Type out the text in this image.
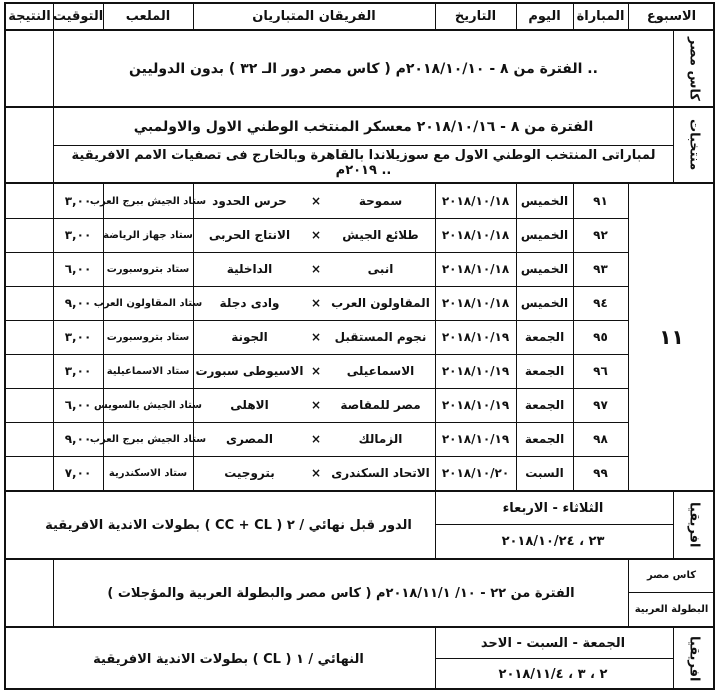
الاسبوع
المباراة
اليوم
التاريخ
الفريقان المتباريان
الملعب
التوقيت
النتيجة
كاس مصر
الفترة من ٨ - ٢٠١٨/١٠/١٠م ( كاس مصر دور الـ ٣٢ ) بدون الدوليين ..
منتخبات
الفترة من ٨ - ٢٠١٨/١٠/١٦ معسكر المنتخب الوطني الاول والاولمبي
لمباراتى المنتخب الوطني الاول مع سوزيلاندا بالقاهرة وبالخارج فى تصفيات الامم الافريقية ٢٠١٩م ..
١١
٩١
الخميس
٢٠١٨/١٠/١٨
سموحة
×
حرس الحدود
ستاد الجيش ببرج العرب
٣,٠٠
٩٢
الخميس
٢٠١٨/١٠/١٨
طلائع الجيش
×
الانتاج الحربى
ستاد جهاز الرياضة
٣,٠٠
٩٣
الخميس
٢٠١٨/١٠/١٨
انبى
×
الداخلية
ستاد بتروسبورت
٦,٠٠
٩٤
الخميس
٢٠١٨/١٠/١٨
المقاولون العرب
×
وادى دجلة
ستاد المقاولون العرب
٩,٠٠
٩٥
الجمعة
٢٠١٨/١٠/١٩
نجوم المستقبل
×
الجونة
ستاد بتروسبورت
٣,٠٠
٩٦
الجمعة
٢٠١٨/١٠/١٩
الاسماعيلى
×
الاسيوطى سبورت
ستاد الاسماعيلية
٣,٠٠
٩٧
الجمعة
٢٠١٨/١٠/١٩
مصر للمقاصة
×
الاهلى
ستاد الجيش بالسويس
٦,٠٠
٩٨
الجمعة
٢٠١٨/١٠/١٩
الزمالك
×
المصرى
ستاد الجيش ببرج العرب
٩,٠٠
٩٩
السبت
٢٠١٨/١٠/٢٠
الاتحاد السكندرى
×
بتروجيت
ستاد الاسكندرية
٧,٠٠
افريقيا
الثلاثاء - الاربعاء
٢٣ ، ٢٠١٨/١٠/٢٤
بطولات الاندية الافريقية ( CC + CL ) الدور قبل نهائي / ٢
كاس مصر
البطولة العربية
الفترة من ٢٢ - ١٠/ ٢٠١٨/١١/١م ( كاس مصر والبطولة العربية والمؤجلات )
افريقيا
الجمعة - السبت - الاحد
٢ ، ٣ ، ٢٠١٨/١١/٤
بطولات الاندية الافريقية ( CL ) النهائي / ١
